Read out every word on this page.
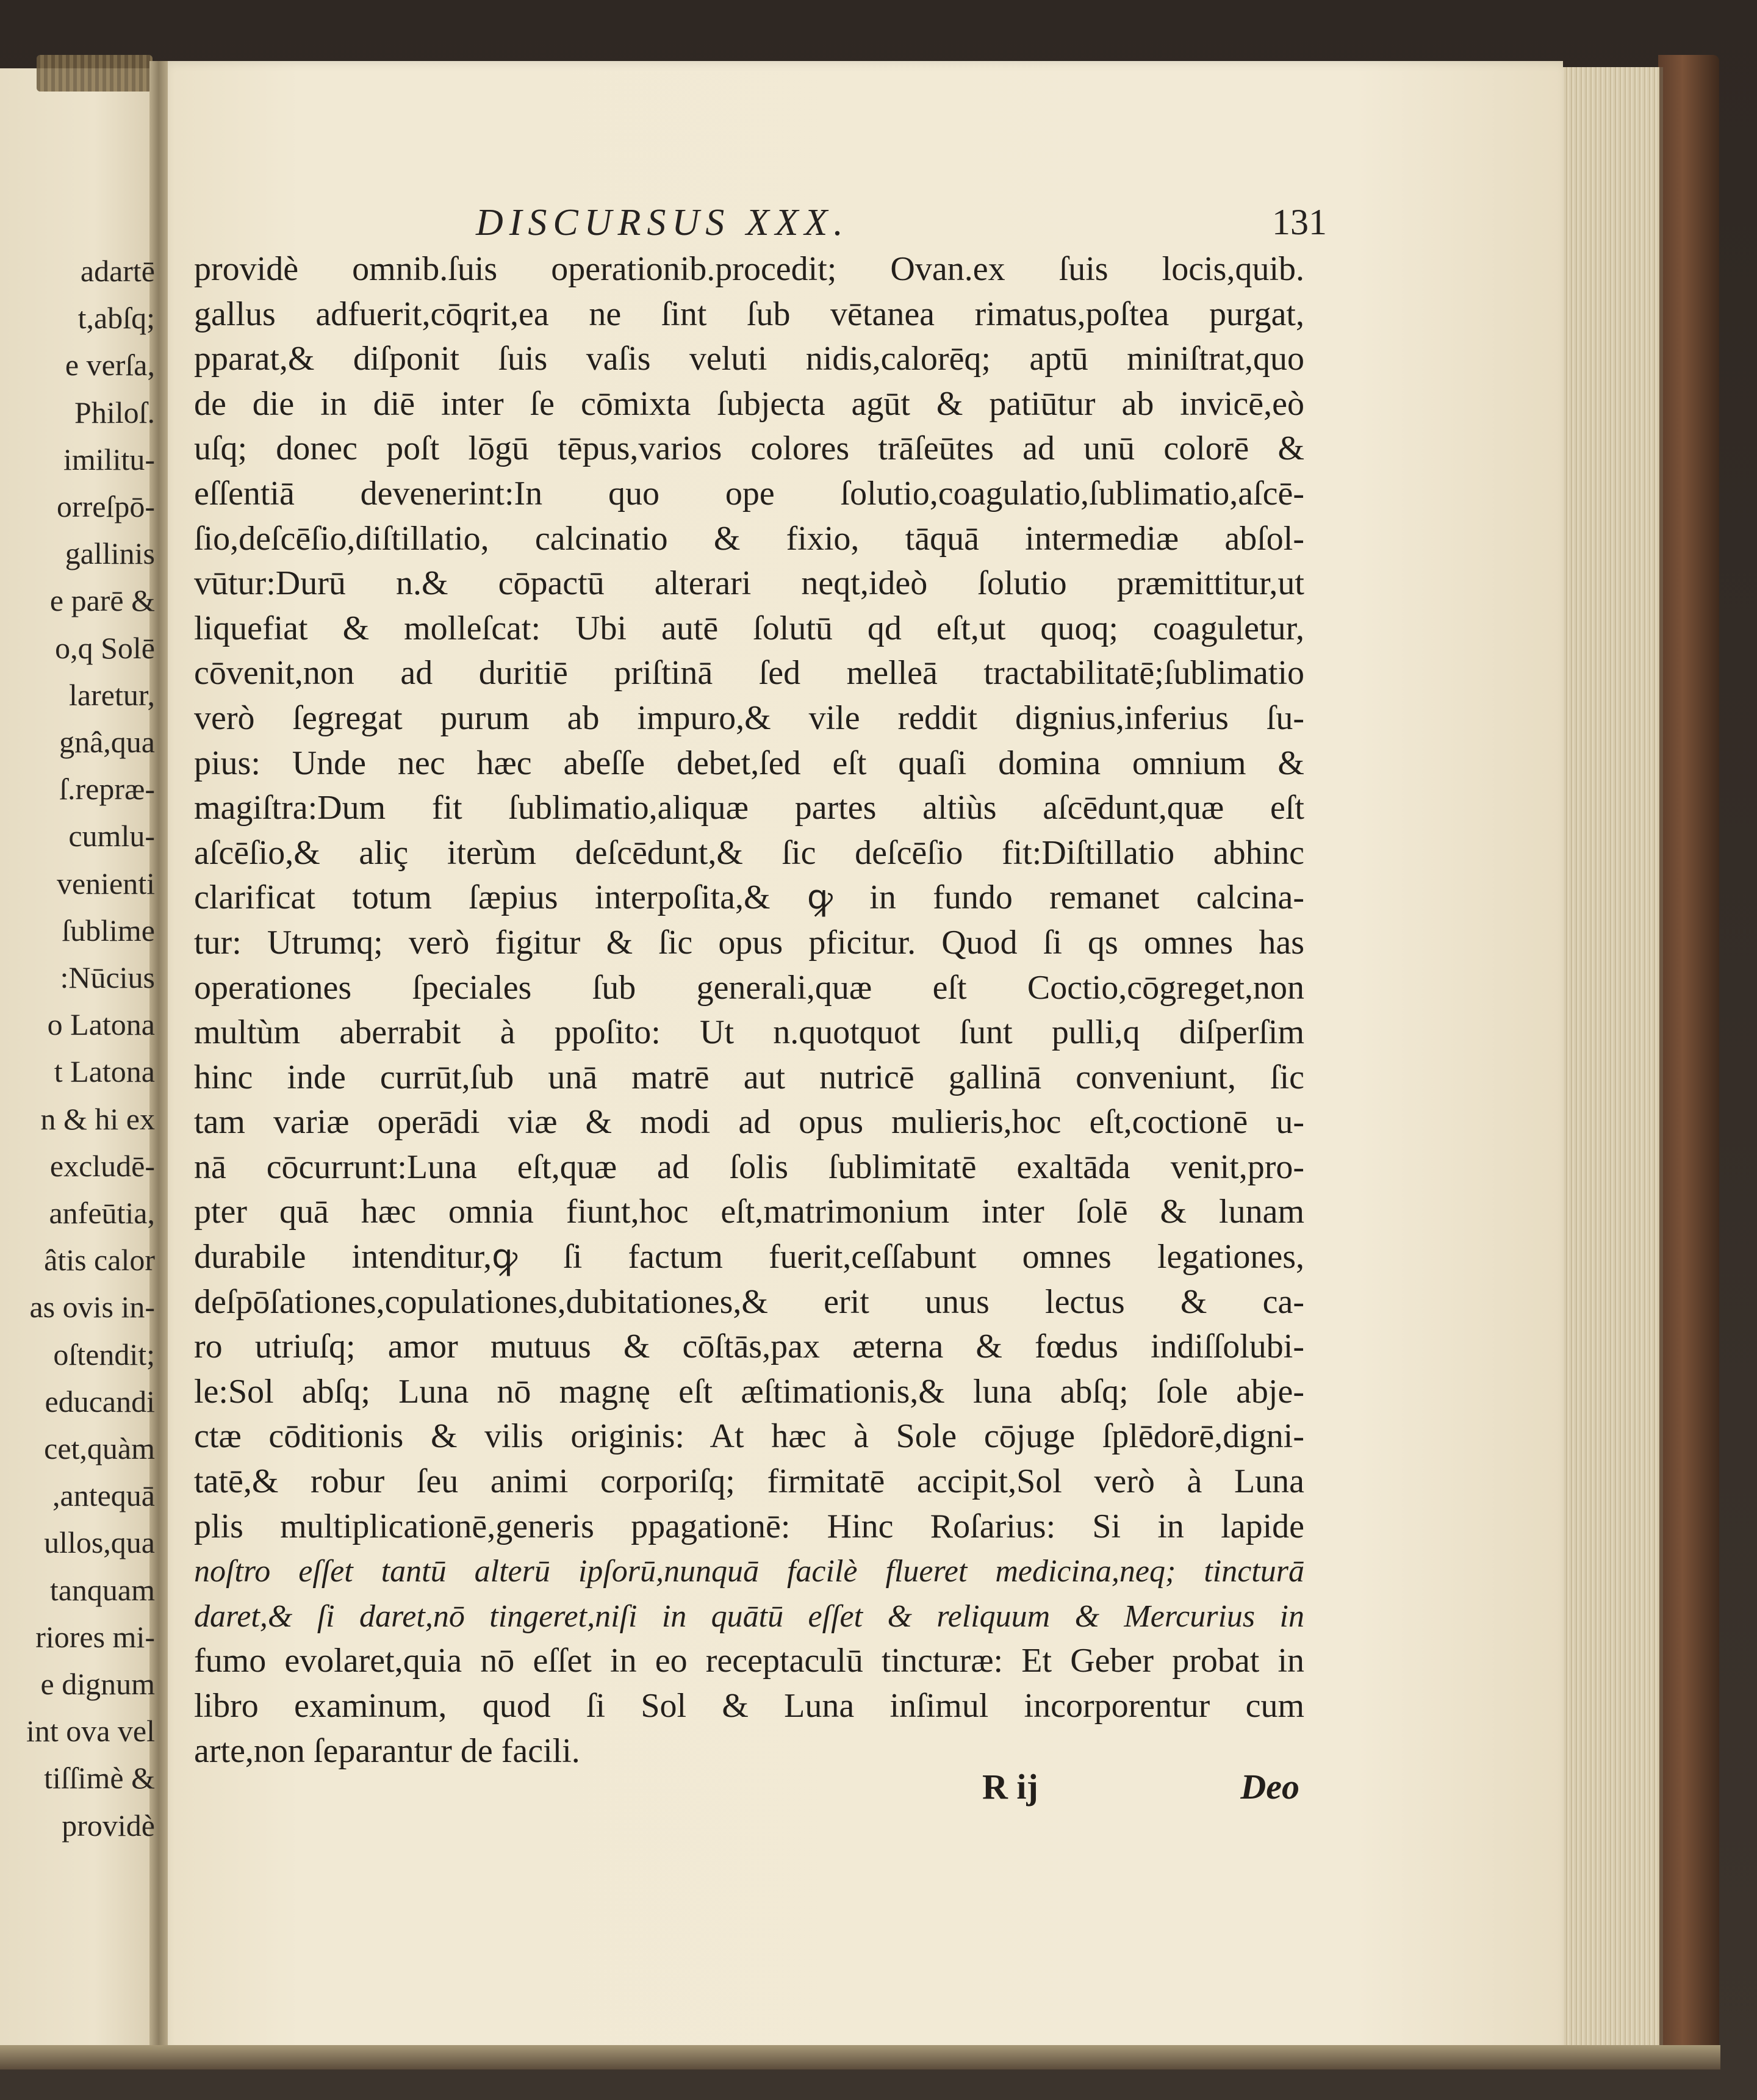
adartē
t,abſq;
e verſa,
Philoſ.
imilitu-
orreſpō-
gallinis
e parē &
o,q Solē
laretur,
gnâ,qua
ſ.repræ-
cumlu-
venienti
ſublime
:Nūcius
o Latona
t Latona
n & hi ex
excludē-
anfeūtia,
âtis calor
as ovis in-
oſtendit;
educandi
cet,quàm
,antequā
ullos,qua
tanquam
riores mi-
e dignum
int ova vel
tiſſimè &
providè
DISCURSUS XXX.	131
providè omnib.ſuis operationib.procedit; Ovan.ex ſuis locis,quib.
gallus adfuerit,cōqrit,ea ne ſint ſub vētanea rimatus,poſtea purgat,
pparat,& diſponit ſuis vaſis veluti nidis,calorēq; aptū miniſtrat,quo
de die in diē inter ſe cōmixta ſubjecta agūt & patiūtur ab invicē,eò
uſq; donec poſt lōgū tēpus,varios colores trāſeūtes ad unū colorē &
eſſentiā devenerint:In quo ope ſolutio,coagulatio,ſublimatio,aſcē-
ſio,deſcēſio,diſtillatio, calcinatio & fixio, tāquā intermediæ abſol-
vūtur:Durū n.& cōpactū alterari neqt,ideò ſolutio præmittitur,ut
liquefiat & molleſcat: Ubi autē ſolutū qd eſt,ut quoq; coaguletur,
cōvenit,non ad duritiē priſtinā ſed melleā tractabilitatē;ſublimatio
verò ſegregat purum ab impuro,& vile reddit dignius,inferius ſu-
pius: Unde nec hæc abeſſe debet,ſed eſt quaſi domina omnium &
magiſtra:Dum fit ſublimatio,aliquæ partes altiùs aſcēdunt,quæ eſt
aſcēſio,& aliç iterùm deſcēdunt,& ſic deſcēſio fit:Diſtillatio abhinc
clarificat totum ſæpius interpoſita,& ꝙ in fundo remanet calcina-
tur: Utrumq; verò figitur & ſic opus pficitur. Quod ſi qs omnes has
operationes ſpeciales ſub generali,quæ eſt Coctio,cōgreget,non
multùm aberrabit à ppoſito: Ut n.quotquot ſunt pulli,q diſperſim
hinc inde currūt,ſub unā matrē aut nutricē gallinā conveniunt, ſic
tam variæ operādi viæ & modi ad opus mulieris,hoc eſt,coctionē u-
nā cōcurrunt:Luna eſt,quæ ad ſolis ſublimitatē exaltāda venit,pro-
pter quā hæc omnia fiunt,hoc eſt,matrimonium inter ſolē & lunam
durabile intenditur,ꝙ ſi factum fuerit,ceſſabunt omnes legationes,
deſpōſationes,copulationes,dubitationes,& erit unus lectus & ca-
ro utriuſq; amor mutuus & cōſtās,pax æterna & fœdus indiſſolubi-
le:Sol abſq; Luna nō magnę eſt æſtimationis,& luna abſq; ſole abje-
ctæ cōditionis & vilis originis: At hæc à Sole cōjuge ſplēdorē,digni-
tatē,& robur ſeu animi corporiſq; firmitatē accipit,Sol verò à Luna
plis multiplicationē,generis ppagationē: Hinc Roſarius: Si in lapide
noſtro eſſet tantū alterū ipſorū,nunquā facilè flueret medicina,neq; tincturā
daret,& ſi daret,nō tingeret,niſi in quātū eſſet & reliquum & Mercurius in
fumo evolaret,quia nō eſſet in eo receptaculū tincturæ: Et Geber probat in
libro examinum, quod ſi Sol & Luna inſimul incorporentur cum
arte,non ſeparantur de facili.
R ij	Deo
